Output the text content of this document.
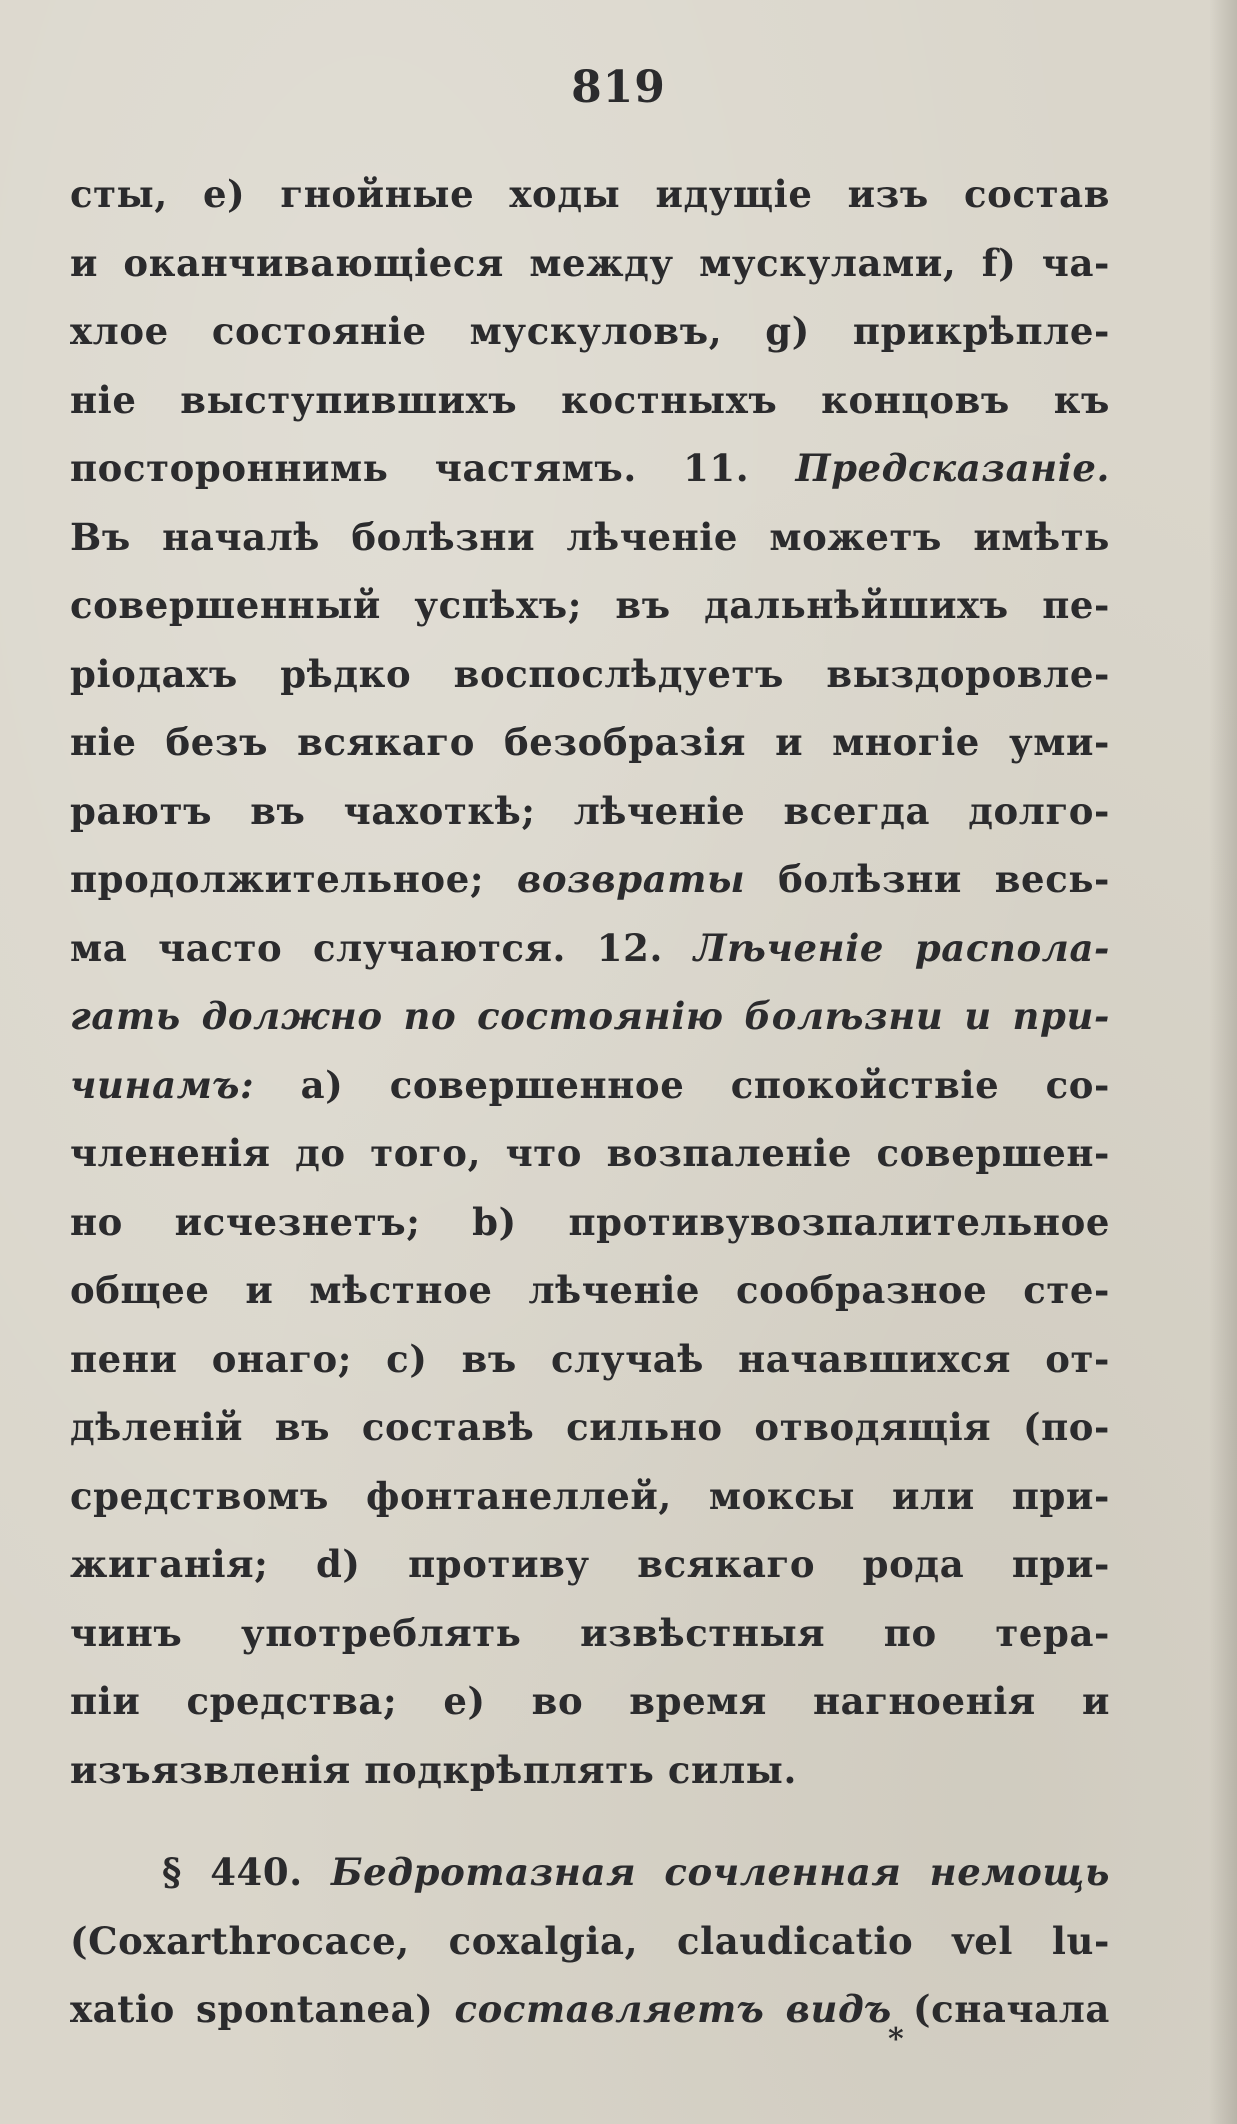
819
сты, е) гнойные ходы идущіе изъ состав
и оканчивающіеся между мускулами, f) ча-
хлое состояніе мускуловъ, g) прикрѣпле-
ніе выступившихъ костныхъ концовъ къ
постороннимь частямъ. 11. Предсказаніе.
Въ началѣ болѣзни лѣченіе можетъ имѣть
совершенный успѣхъ; въ дальнѣйшихъ пе-
ріодахъ рѣдко воспослѣдуетъ выздоровле-
ніе безъ всякаго безобразія и многіе уми-
раютъ въ чахоткѣ; лѣченіе всегда долго-
продолжительное; возвраты болѣзни весь-
ма часто случаются. 12. Лѣченіе распола-
гать должно по состоянію болѣзни и при-
чинамъ: a) совершенное спокойствіе со-
члененія до того, что возпаленіе совершен-
но исчезнетъ; b) противувозпалительное
общее и мѣстное лѣченіе сообразное сте-
пени онаго; c) въ случаѣ начавшихся от-
дѣленій въ составѣ сильно отводящія (по-
средствомъ фонтанеллей, моксы или при-
жиганія; d) противу всякаго рода при-
чинъ употреблять извѣстныя по тера-
піи средства; e) во время нагноенія и
изъязвленія подкрѣплять силы.
§ 440. Бедротазная сочленная немощь
(Coxarthrocace, coxalgia, claudicatio vel lu-
xatio spontanea) составляетъ видъ (сначала
*
